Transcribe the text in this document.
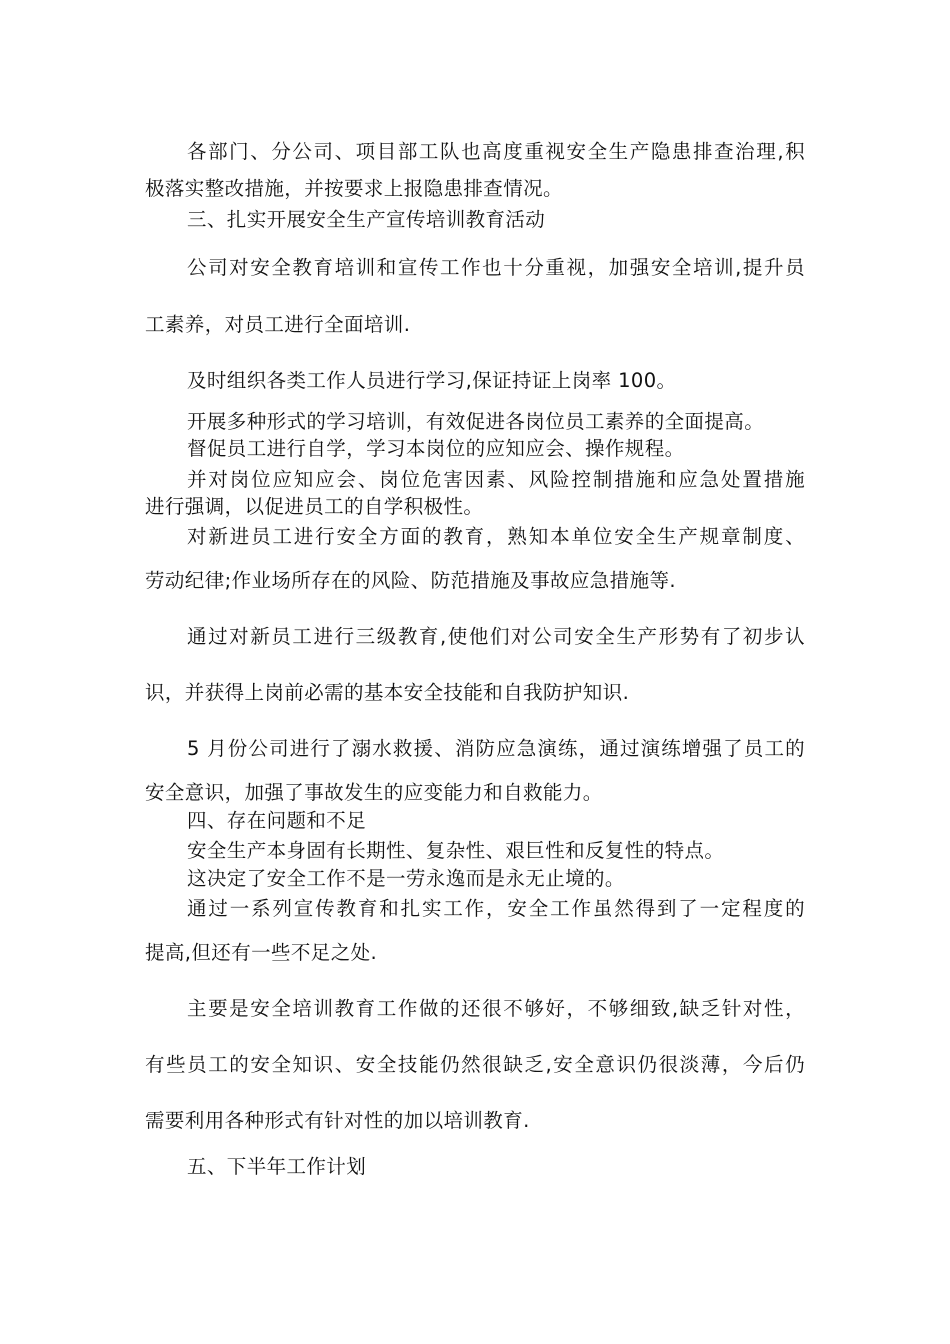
各部门、分公司、项目部工队也高度重视安全生产隐患排查治理,积
极落实整改措施，并按要求上报隐患排查情况。
三、扎实开展安全生产宣传培训教育活动
公司对安全教育培训和宣传工作也十分重视，加强安全培训,提升员
工素养，对员工进行全面培训.
及时组织各类工作人员进行学习,保证持证上岗率 100。
开展多种形式的学习培训，有效促进各岗位员工素养的全面提高。
督促员工进行自学，学习本岗位的应知应会、操作规程。
并对岗位应知应会、岗位危害因素、风险控制措施和应急处置措施
进行强调，以促进员工的自学积极性。
对新进员工进行安全方面的教育，熟知本单位安全生产规章制度、
劳动纪律;作业场所存在的风险、防范措施及事故应急措施等.
通过对新员工进行三级教育,使他们对公司安全生产形势有了初步认
识，并获得上岗前必需的基本安全技能和自我防护知识.
5 月份公司进行了溺水救援、消防应急演练，通过演练增强了员工的
安全意识，加强了事故发生的应变能力和自救能力。
四、存在问题和不足
安全生产本身固有长期性、复杂性、艰巨性和反复性的特点。
这决定了安全工作不是一劳永逸而是永无止境的。
通过一系列宣传教育和扎实工作，安全工作虽然得到了一定程度的
提高,但还有一些不足之处.
主要是安全培训教育工作做的还很不够好，不够细致,缺乏针对性，
有些员工的安全知识、安全技能仍然很缺乏,安全意识仍很淡薄，今后仍
需要利用各种形式有针对性的加以培训教育.
五、下半年工作计划
